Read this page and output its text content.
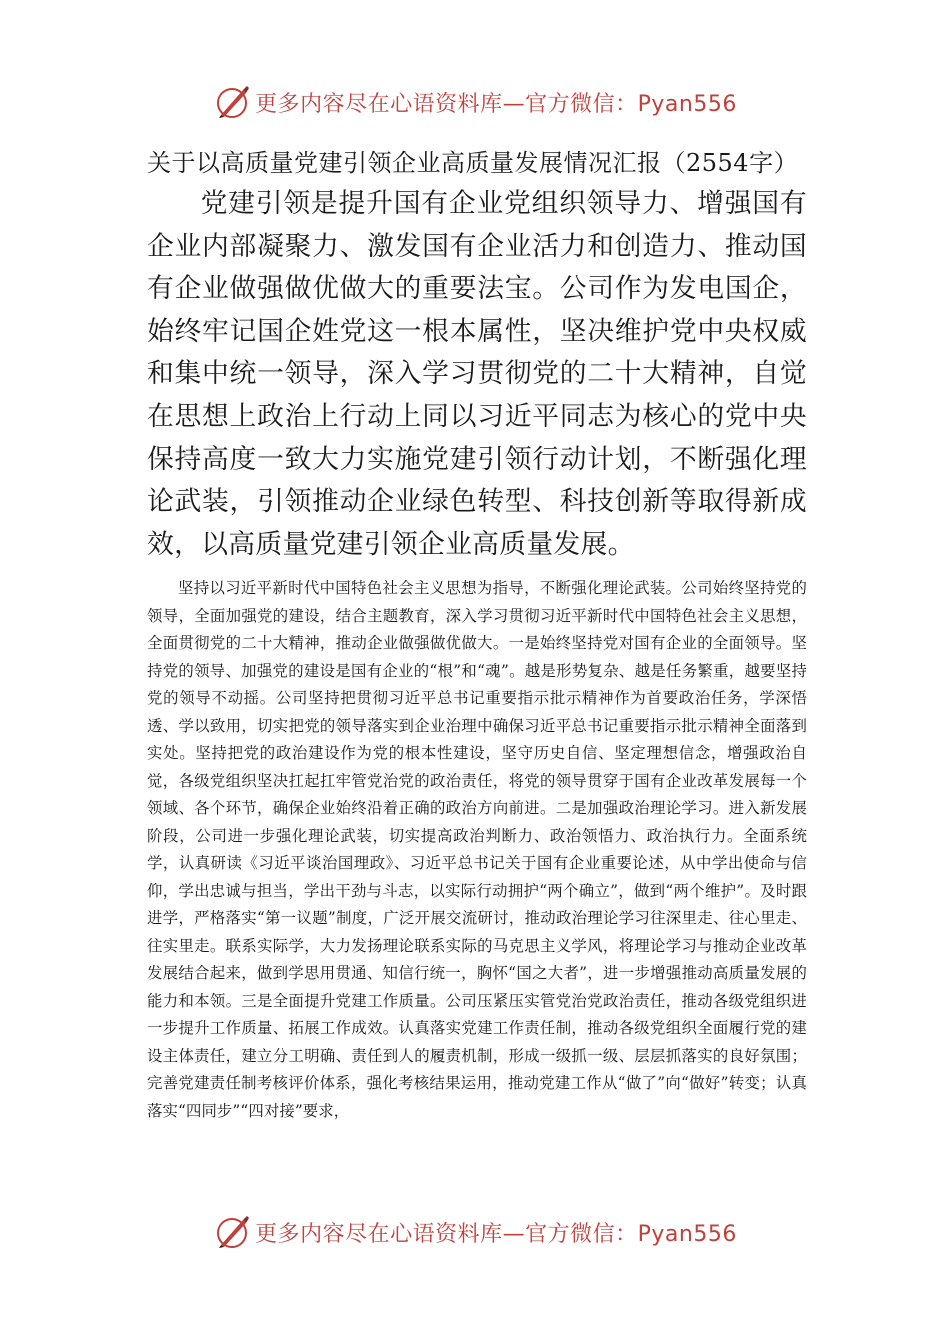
更多内容尽在心语资料库—官方微信：Pyan556
关于以高质量党建引领企业高质量发展情况汇报（2554字）
党建引领是提升国有企业党组织领导力、增强国有企业内部凝聚力、激发国有企业活力和创造力、推动国有企业做强做优做大的重要法宝。公司作为发电国企，始终牢记国企姓党这一根本属性，坚决维护党中央权威和集中统一领导，深入学习贯彻党的二十大精神，自觉在思想上政治上行动上同以习近平同志为核心的党中央保持高度一致大力实施党建引领行动计划，不断强化理论武装，引领推动企业绿色转型、科技创新等取得新成效，以高质量党建引领企业高质量发展。
坚持以习近平新时代中国特色社会主义思想为指导，不断强化理论武装。公司始终坚持党的领导，全面加强党的建设，结合主题教育，深入学习贯彻习近平新时代中国特色社会主义思想，全面贯彻党的二十大精神，推动企业做强做优做大。一是始终坚持党对国有企业的全面领导。坚持党的领导、加强党的建设是国有企业的“根”和“魂”。越是形势复杂、越是任务繁重，越要坚持党的领导不动摇。公司坚持把贯彻习近平总书记重要指示批示精神作为首要政治任务，学深悟透、学以致用，切实把党的领导落实到企业治理中确保习近平总书记重要指示批示精神全面落到实处。坚持把党的政治建设作为党的根本性建设，坚守历史自信、坚定理想信念，增强政治自觉，各级党组织坚决扛起扛牢管党治党的政治责任，将党的领导贯穿于国有企业改革发展每一个领域、各个环节，确保企业始终沿着正确的政治方向前进。二是加强政治理论学习。进入新发展阶段，公司进一步强化理论武装，切实提高政治判断力、政治领悟力、政治执行力。全面系统学，认真研读《习近平谈治国理政》、习近平总书记关于国有企业重要论述，从中学出使命与信仰，学出忠诚与担当，学出干劲与斗志，以实际行动拥护“两个确立”，做到“两个维护”。及时跟进学，严格落实“第一议题”制度，广泛开展交流研讨，推动政治理论学习往深里走、往心里走、往实里走。联系实际学，大力发扬理论联系实际的马克思主义学风，将理论学习与推动企业改革发展结合起来，做到学思用贯通、知信行统一，胸怀“国之大者”，进一步增强推动高质量发展的能力和本领。三是全面提升党建工作质量。公司压紧压实管党治党政治责任，推动各级党组织进一步提升工作质量、拓展工作成效。认真落实党建工作责任制，推动各级党组织全面履行党的建设主体责任，建立分工明确、责任到人的履责机制，形成一级抓一级、层层抓落实的良好氛围；完善党建责任制考核评价体系，强化考核结果运用，推动党建工作从“做了”向“做好”转变；认真落实“四同步”“四对接”要求，
更多内容尽在心语资料库—官方微信：Pyan556
